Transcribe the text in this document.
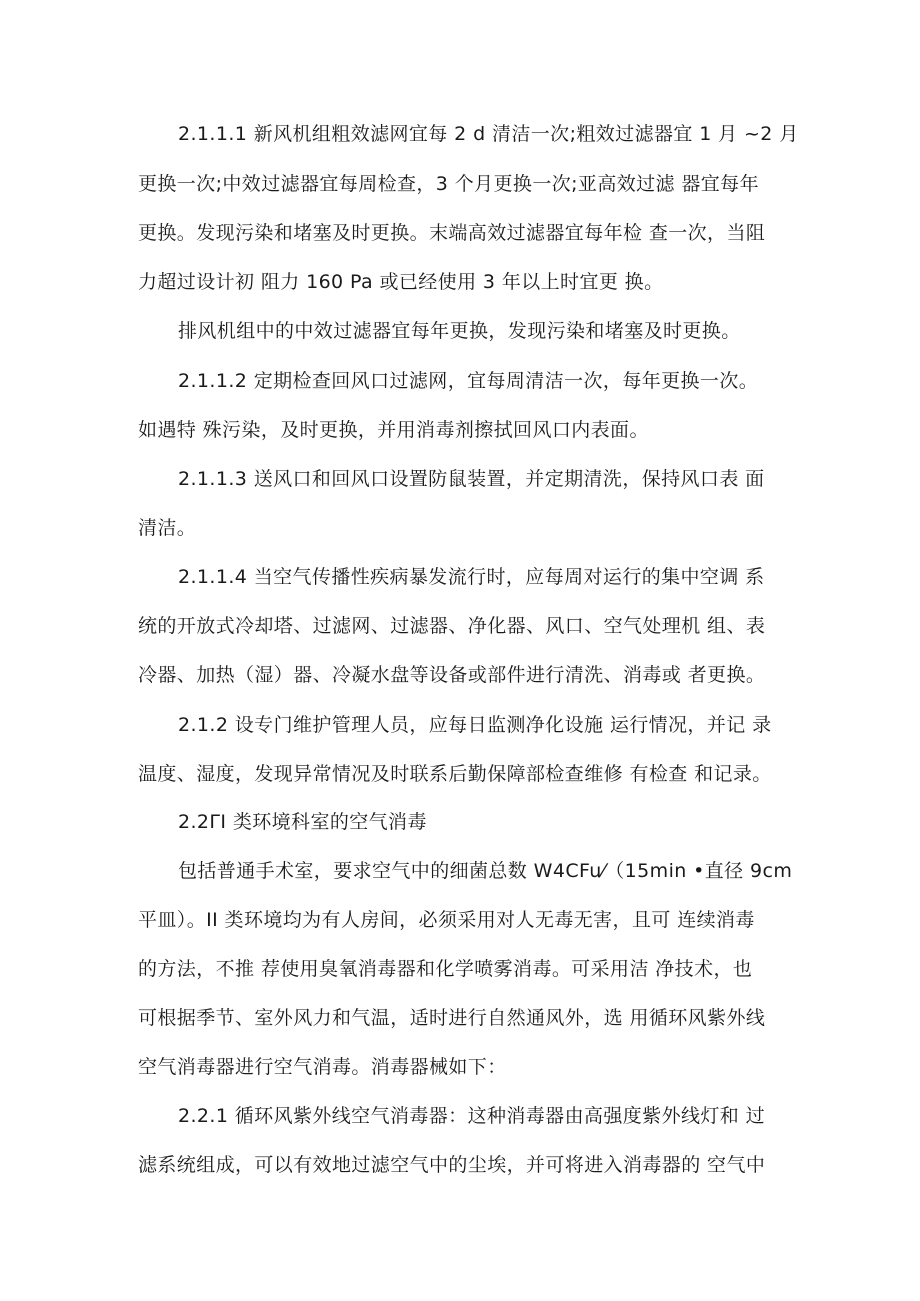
2.1.1.1 新风机组粗效滤网宜每 2 d 清洁一次;粗效过滤器宜 1 月 ~2 月
更换一次;中效过滤器宜每周检查，3 个月更换一次;亚高效过滤 器宜每年
更换。发现污染和堵塞及时更换。末端高效过滤器宜每年检 查一次，当阻
力超过设计初 阻力 160 Pa 或已经使用 3 年以上时宜更 换。
排风机组中的中效过滤器宜每年更换，发现污染和堵塞及时更换。
2.1.1.2 定期检查回风口过滤网，宜每周清洁一次，每年更换一次。
如遇特 殊污染，及时更换，并用消毒剂擦拭回风口内表面。
2.1.1.3 送风口和回风口设置防鼠装置，并定期清洗，保持风口表 面
清洁。
2.1.1.4 当空气传播性疾病暴发流行时，应每周对运行的集中空调 系
统的开放式冷却塔、过滤网、过滤器、净化器、风口、空气处理机 组、表
冷器、加热（湿）器、冷凝水盘等设备或部件进行清洗、消毒或 者更换。
2.1.2 设专门维护管理人员，应每日监测净化设施 运行情况，并记 录
温度、湿度，发现异常情况及时联系后勤保障部检查维修 有检查 和记录。
2.2ΓI 类环境科室的空气消毒
包括普通手术室，要求空气中的细菌总数 W4CFu⁄（15min •直径 9cm
平皿）。II 类环境均为有人房间，必须采用对人无毒无害，且可 连续消毒
的方法，不推 荐使用臭氧消毒器和化学喷雾消毒。可采用洁 净技术，也
可根据季节、室外风力和气温，适时进行自然通风外，选 用循环风紫外线
空气消毒器进行空气消毒。消毒器械如下：
2.2.1 循环风紫外线空气消毒器：这种消毒器由高强度紫外线灯和 过
滤系统组成，可以有效地过滤空气中的尘埃，并可将进入消毒器的 空气中
